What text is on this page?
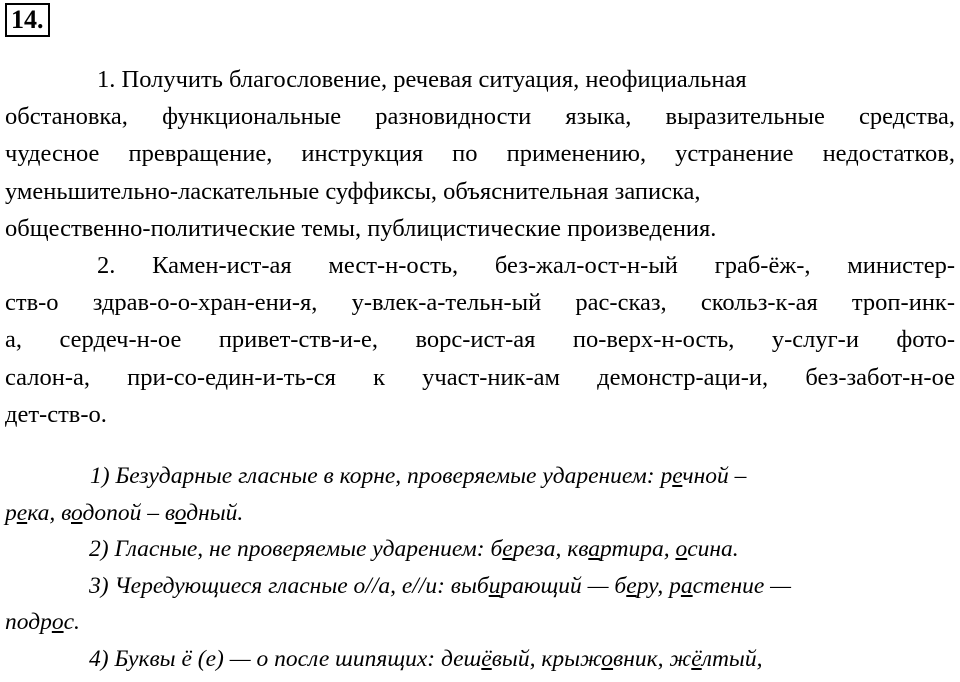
14.
1. Получить благословение, речевая ситуация, неофициальная
обстановка, функциональные разновидности языка, выразительные средства,
чудесное превращение, инструкция по применению, устранение недостатков,
уменьшительно-ласкательные суффиксы, объяснительная записка,
общественно-политические темы, публицистические произведения.
2. Камен-ист-ая мест-н-ость, без-жал-ост-н-ый граб-ёж-, министер-
ств-о здрав-о-о-хран-ени-я, у-влек-а-тельн-ый рас-сказ, скольз-к-ая троп-инк-
а, сердеч-н-ое привет-ств-и-е, ворс-ист-ая по-верх-н-ость, у-слуг-и фото-
салон-а, при-со-един-и-ть-ся к участ-ник-ам демонстр-аци-и, без-забот-н-ое
дет-ств-о.
1) Безударные гласные в корне, проверяемые ударением: речной –
река, водопой – водный.
2) Гласные, не проверяемые ударением: береза, квартира, осина.
3) Чередующиеся гласные о//а, е//и: выбирающий — беру, растение —
подрос.
4) Буквы ё (е) — о после шипящих: дешёвый, крыжовник, жёлтый,
